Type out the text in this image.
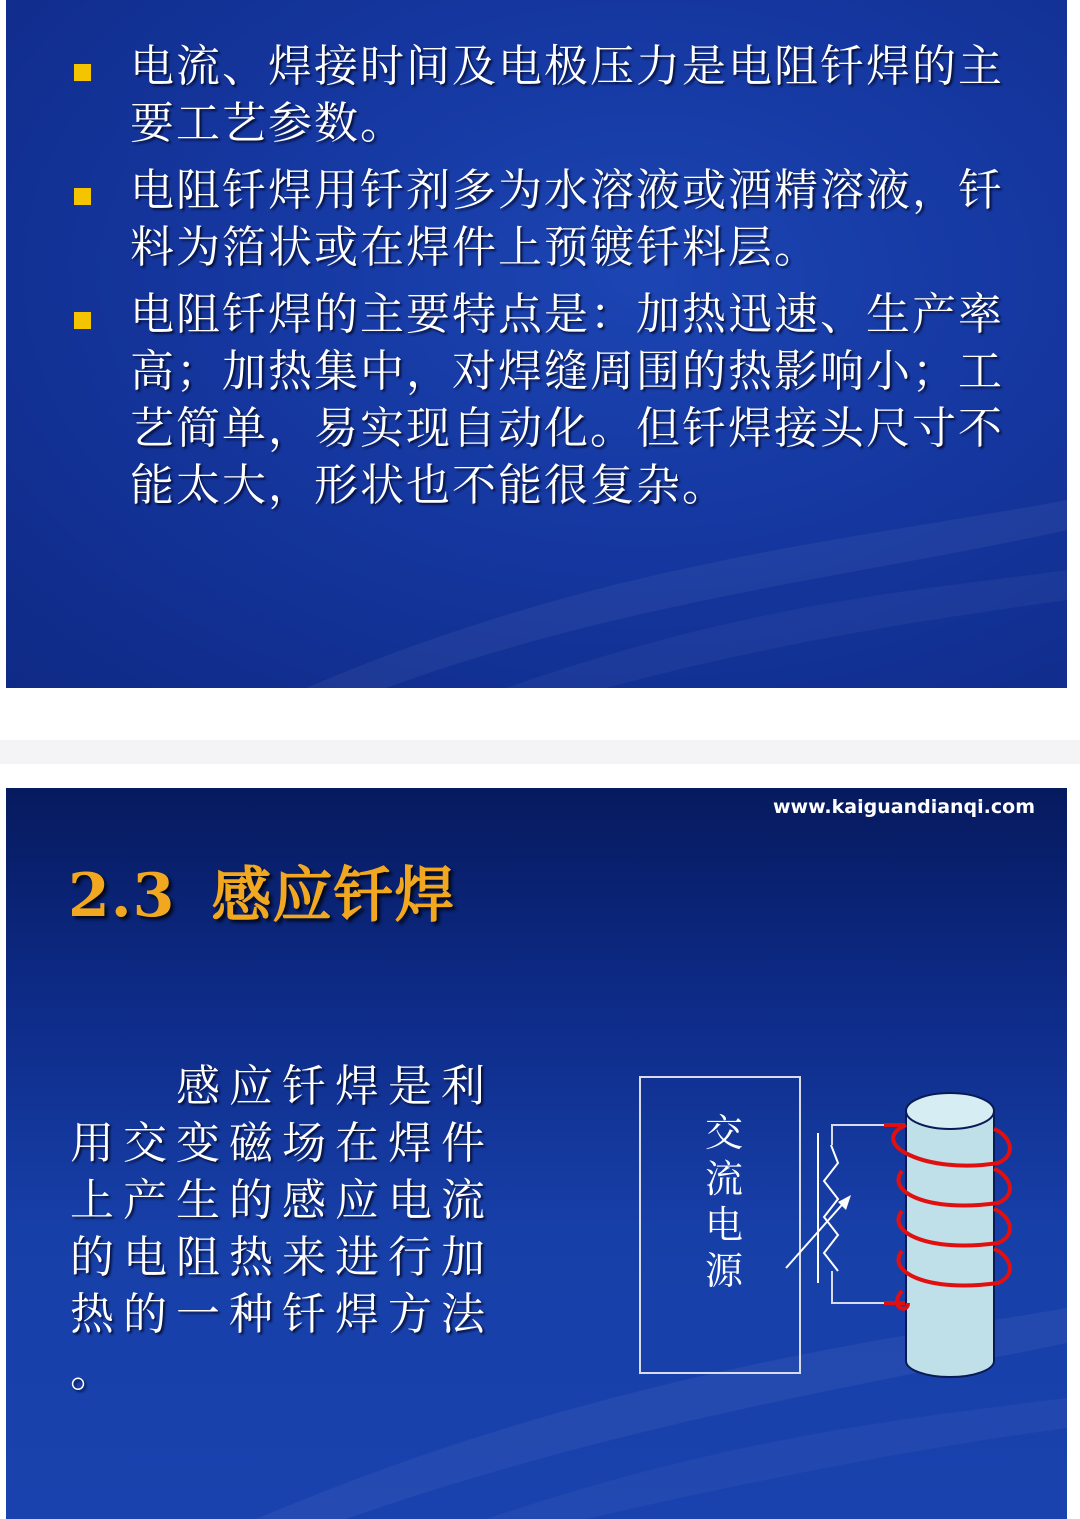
电流、焊接时间及电极压力是电阻钎焊的主要工艺参数。
电阻钎焊用钎剂多为水溶液或酒精溶液，钎料为箔状或在焊件上预镀钎料层。
电阻钎焊的主要特点是：加热迅速、生产率高；加热集中，对焊缝周围的热影响小；工艺简单，易实现自动化。但钎焊接头尺寸不能太大，形状也不能很复杂。
www.kaiguandianqi.com
2.3 感应钎焊
感应钎焊是利用交变磁场在焊件上产生的感应电流的电阻热来进行加热的一种钎焊方法 。
交流电源
